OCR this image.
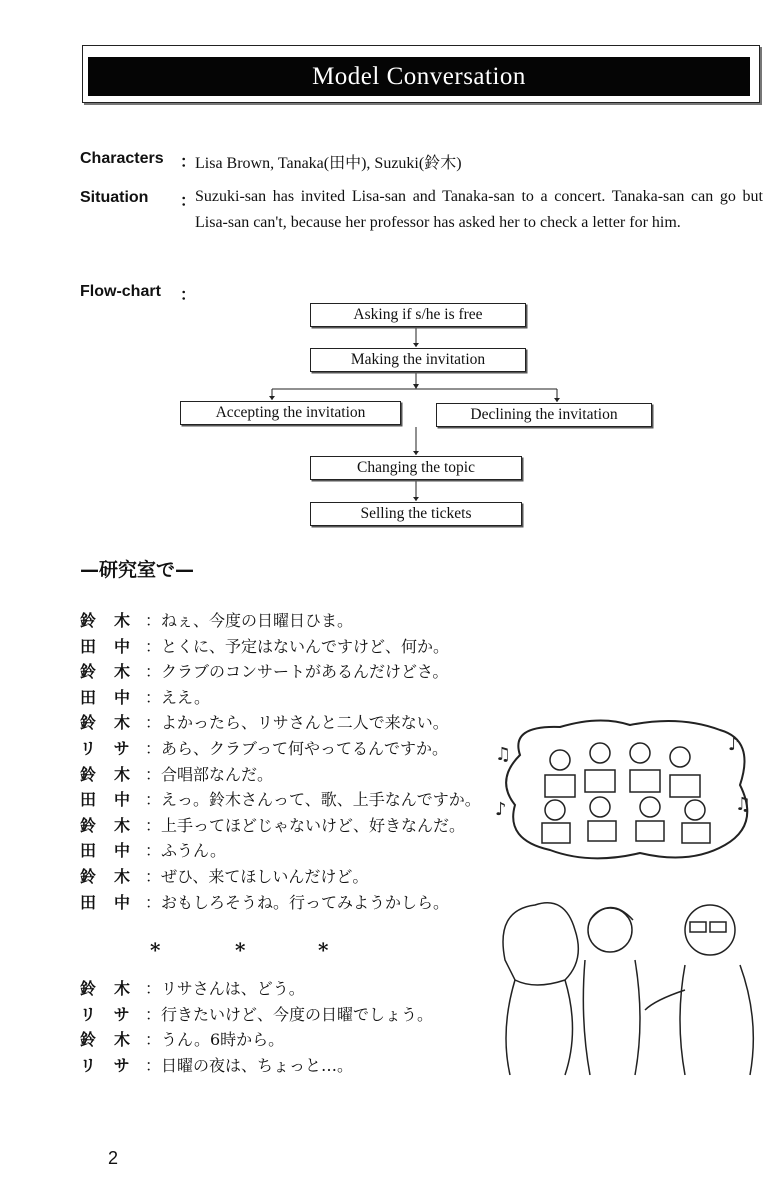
Model Conversation
Characters ：
Lisa Brown, Tanaka(田中), Suzuki(鈴木)
Situation ：
Suzuki-san has invited Lisa-san and Tanaka-san to a concert. Tanaka-san can go but Lisa-san can't, because her professor has asked her to check a letter for him.
Flow-chart ：
Asking if s/he is free
Making the invitation
Accepting the invitation	Declining the invitation
Changing the topic
Selling the tickets
—研究室で—
鈴木：ねぇ、今度の日曜日ひま。
田中：とくに、予定はないんですけど、何か。
鈴木：クラブのコンサートがあるんだけどさ。
田中：ええ。
鈴木：よかったら、リサさんと二人で来ない。
リサ：あら、クラブって何やってるんですか。
鈴木：合唱部なんだ。
田中：えっ。鈴木さんって、歌、上手なんですか。
鈴木：上手ってほどじゃないけど、好きなんだ。
田中：ふうん。
鈴木：ぜひ、来てほしいんだけど。
田中：おもしろそうね。行ってみようかしら。
*	*	*
鈴木：リサさんは、どう。
リサ：行きたいけど、今度の日曜でしょう。
鈴木：うん。6時から。
リサ：日曜の夜は、ちょっと…。
♫	♪
♫
♪
2
